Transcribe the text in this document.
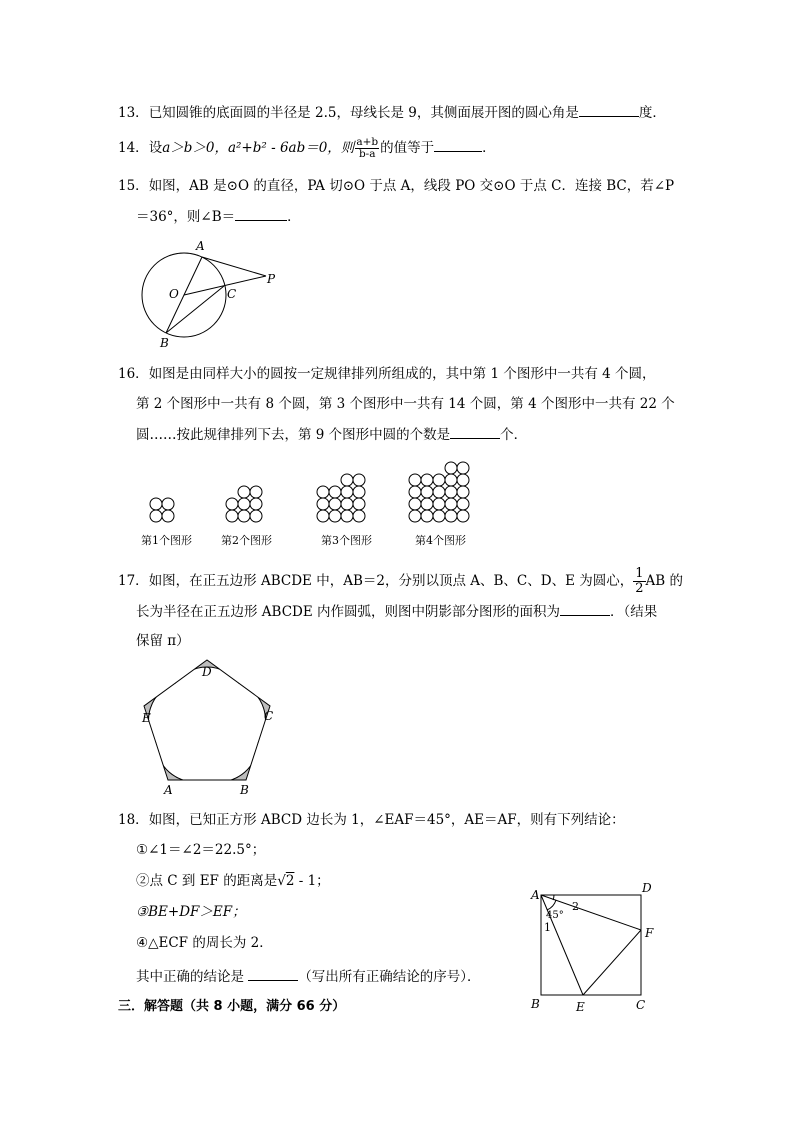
13．已知圆锥的底面圆的半径是 2.5，母线长是 9，其侧面展开图的圆心角是	度．
14．设a＞b＞0，a²+b² - 6ab＝0，则 $\frac{a+b}{b-a}$ 的值等于	．
15．如图，AB 是⊙O 的直径，PA 切⊙O 于点 A，线段 PO 交⊙O 于点 C．连接 BC，若∠P
＝36°，则∠B＝	．
A
O	C
P
B
16．如图是由同样大小的圆按一定规律排列所组成的，其中第 1 个图形中一共有 4 个圆，
第 2 个图形中一共有 8 个圆，第 3 个图形中一共有 14 个圆，第 4 个图形中一共有 22 个
圆……按此规律排列下去，第 9 个图形中圆的个数是	个．
第1个图形	第2个图形	第3个图形	第4个图形
17．如图，在正五边形 ABCDE 中，AB＝2，分别以顶点 A、B、C、D、E 为圆心， $\frac{1}{2}$ AB 的
长为半径在正五边形 ABCDE 内作圆弧，则图中阴影部分图形的面积为	．（结果
保留 π）
D
C
E
A	B
18．如图，已知正方形 ABCD 边长为 1，∠EAF＝45°，AE＝AF，则有下列结论：
①∠1＝∠2＝22.5°；
②点 C 到 EF 的距离是√2 - 1；
③BE+DF＞EF；
④△ECF 的周长为 2．
其中正确的结论是	（写出所有正确结论的序号）．
A	D
F
B	E	C
1
2
45°
三．解答题（共 8 小题，满分 66 分）
